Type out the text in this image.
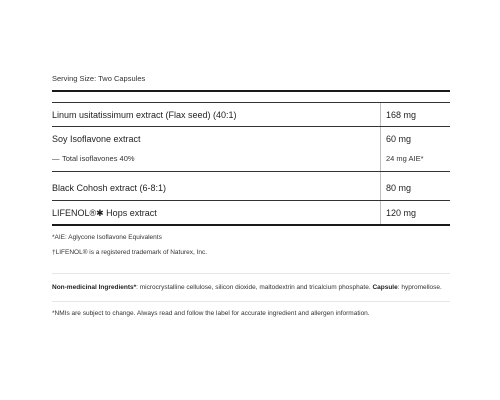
Serving Size: Two Capsules
Linum usitatissimum extract (Flax seed) (40:1)	168 mg
Soy Isoflavone extract	60 mg
— Total isoflavones 40%	24 mg AIE*
Black Cohosh extract (6-8:1)	80 mg
LIFENOL®✱ Hops extract	120 mg
*AIE: Aglycone Isoflavone Equivalents
†LIFENOL® is a registered trademark of Naturex, Inc.
Non-medicinal Ingredients*: microcrystalline cellulose, silicon dioxide, maltodextrin and tricalcium phosphate. Capsule: hypromellose.
*NMIs are subject to change. Always read and follow the label for accurate ingredient and allergen information.
